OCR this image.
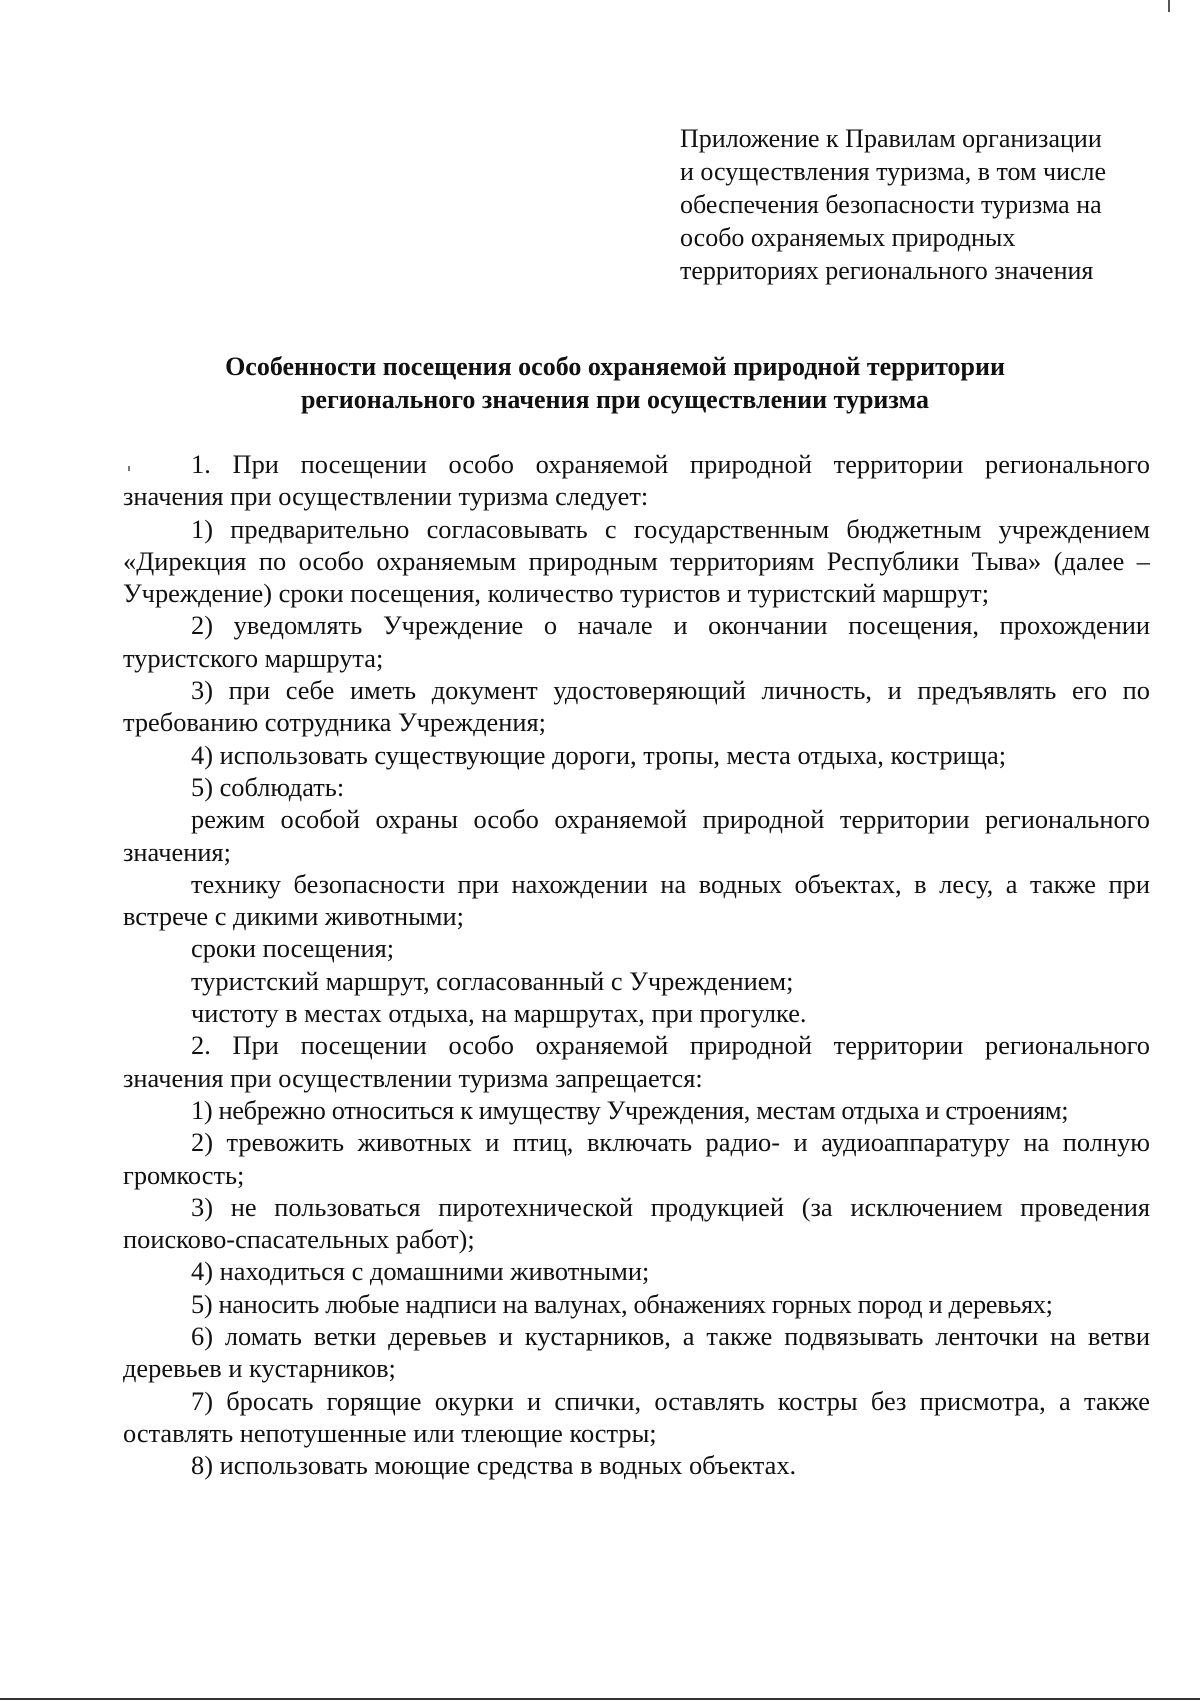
Приложение к Правилам организации
и осуществления туризма, в том числе
обеспечения безопасности туризма на
особо охраняемых природных
территориях регионального значения
Особенности посещения особо охраняемой природной территории
регионального значения при осуществлении туризма

1. При посещении особо охраняемой природной территории регионального значения при осуществлении туризма следует:

1) предварительно согласовывать с государственным бюджетным учреждением «Дирекция по особо охраняемым природным территориям Республики Тыва» (далее – Учреждение) сроки посещения, количество туристов и туристский маршрут;

2) уведомлять Учреждение о начале и окончании посещения, прохождении туристского маршрута;

3) при себе иметь документ удостоверяющий личность, и предъявлять его по требованию сотрудника Учреждения;

4) использовать существующие дороги, тропы, места отдыха, кострища;

5) соблюдать:

режим особой охраны особо охраняемой природной территории регионального значения;

технику безопасности при нахождении на водных объектах, в лесу, а также при встрече с дикими животными;

сроки посещения;

туристский маршрут, согласованный с Учреждением;

чистоту в местах отдыха, на маршрутах, при прогулке.

2. При посещении особо охраняемой природной территории регионального значения при осуществлении туризма запрещается:

1) небрежно относиться к имуществу Учреждения, местам отдыха и строениям;

2) тревожить животных и птиц, включать радио- и аудиоаппаратуру на полную громкость;

3) не пользоваться пиротехнической продукцией (за исключением проведения поисково-спасательных работ);

4) находиться с домашними животными;

5) наносить любые надписи на валунах, обнажениях горных пород и деревьях;

6) ломать ветки деревьев и кустарников, а также подвязывать ленточки на ветви деревьев и кустарников;

7) бросать горящие окурки и спички, оставлять костры без присмотра, а также оставлять непотушенные или тлеющие костры;

8) использовать моющие средства в водных объектах.
